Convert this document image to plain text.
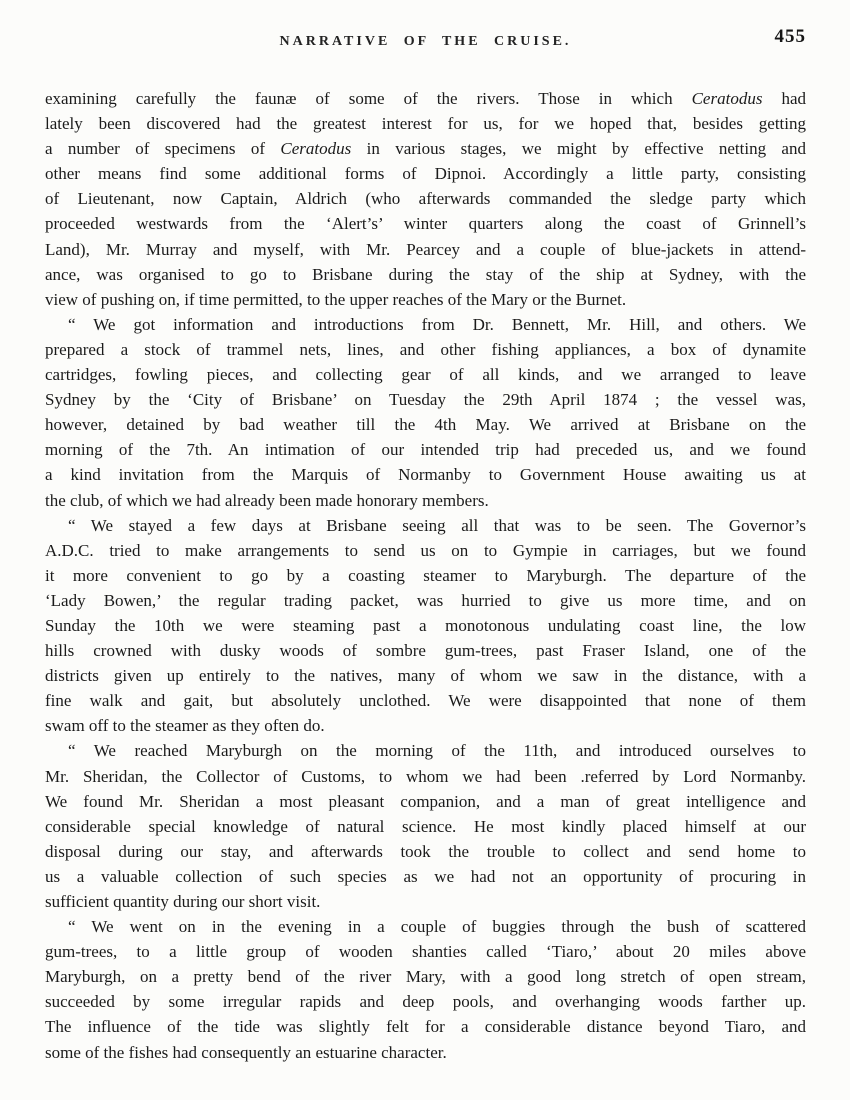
NARRATIVE OF THE CRUISE.	455
examining carefully the faunæ of some of the rivers. Those in which Ceratodus had
lately been discovered had the greatest interest for us, for we hoped that, besides getting
a number of specimens of Ceratodus in various stages, we might by effective netting and
other means find some additional forms of Dipnoi. Accordingly a little party, consisting
of Lieutenant, now Captain, Aldrich (who afterwards commanded the sledge party which
proceeded westwards from the ‘Alert’s’ winter quarters along the coast of Grinnell’s
Land), Mr. Murray and myself, with Mr. Pearcey and a couple of blue-jackets in attend-
ance, was organised to go to Brisbane during the stay of the ship at Sydney, with the
view of pushing on, if time permitted, to the upper reaches of the Mary or the Burnet.
“ We got information and introductions from Dr. Bennett, Mr. Hill, and others. We
prepared a stock of trammel nets, lines, and other fishing appliances, a box of dynamite
cartridges, fowling pieces, and collecting gear of all kinds, and we arranged to leave
Sydney by the ‘City of Brisbane’ on Tuesday the 29th April 1874 ; the vessel was,
however, detained by bad weather till the 4th May. We arrived at Brisbane on the
morning of the 7th. An intimation of our intended trip had preceded us, and we found
a kind invitation from the Marquis of Normanby to Government House awaiting us at
the club, of which we had already been made honorary members.
“ We stayed a few days at Brisbane seeing all that was to be seen. The Governor’s
A.D.C. tried to make arrangements to send us on to Gympie in carriages, but we found
it more convenient to go by a coasting steamer to Maryburgh. The departure of the
‘Lady Bowen,’ the regular trading packet, was hurried to give us more time, and on
Sunday the 10th we were steaming past a monotonous undulating coast line, the low
hills crowned with dusky woods of sombre gum-trees, past Fraser Island, one of the
districts given up entirely to the natives, many of whom we saw in the distance, with a
fine walk and gait, but absolutely unclothed. We were disappointed that none of them
swam off to the steamer as they often do.
“ We reached Maryburgh on the morning of the 11th, and introduced ourselves to
Mr. Sheridan, the Collector of Customs, to whom we had been .referred by Lord Normanby.
We found Mr. Sheridan a most pleasant companion, and a man of great intelligence and
considerable special knowledge of natural science. He most kindly placed himself at our
disposal during our stay, and afterwards took the trouble to collect and send home to
us a valuable collection of such species as we had not an opportunity of procuring in
sufficient quantity during our short visit.
“ We went on in the evening in a couple of buggies through the bush of scattered
gum-trees, to a little group of wooden shanties called ‘Tiaro,’ about 20 miles above
Maryburgh, on a pretty bend of the river Mary, with a good long stretch of open stream,
succeeded by some irregular rapids and deep pools, and overhanging woods farther up.
The influence of the tide was slightly felt for a considerable distance beyond Tiaro, and
some of the fishes had consequently an estuarine character.
